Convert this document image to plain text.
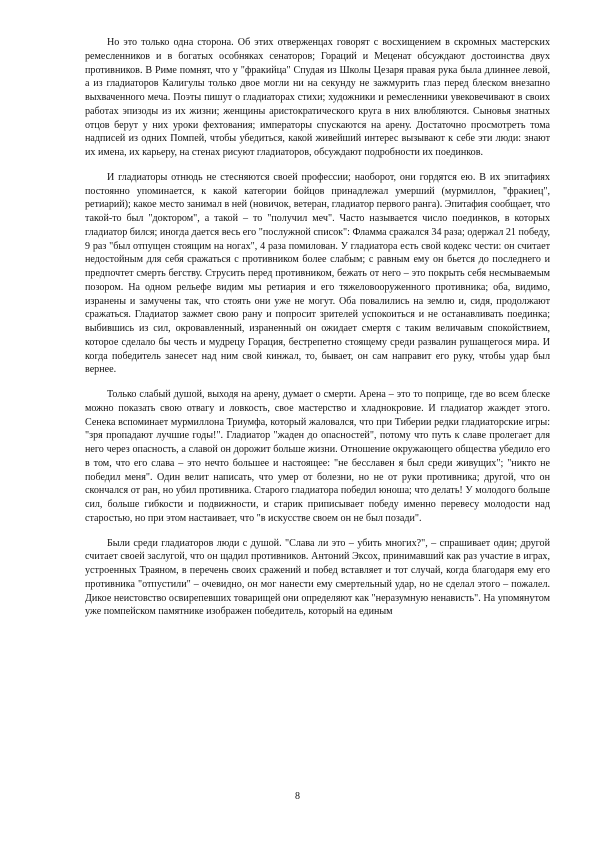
Но это только одна сторона. Об этих отверженцах говорят с восхищением в скромных мастерских ремесленников и в богатых особняках сенаторов; Гораций и Меценат обсуждают достоинства двух противников. В Риме помнят, что у "фракийца" Спудая из Школы Цезаря правая рука была длиннее левой, а из гладиаторов Калигулы только двое могли ни на секунду не зажмурить глаз перед блеском внезапно выхваченного меча. Поэты пишут о гладиаторах стихи; художники и ремесленники увековечивают в своих работах эпизоды из их жизни; женщины аристократического круга в них влюбляются. Сыновья знатных отцов берут у них уроки фехтования; императоры спускаются на арену. Достаточно просмотреть тома надписей из одних Помпей, чтобы убедиться, какой живейший интерес вызывают к себе эти люди: знают их имена, их карьеру, на стенах рисуют гладиаторов, обсуждают подробности их поединков.

И гладиаторы отнюдь не стесняются своей профессии; наоборот, они гордятся ею. В их эпитафиях постоянно упоминается, к какой категории бойцов принадлежал умерший (мурмиллон, "фракиец", ретиарий); какое место занимал в ней (новичок, ветеран, гладиатор первого ранга). Эпитафия сообщает, что такой-то был "доктором", а такой – то "получил меч". Часто называется число поединков, в которых гладиатор бился; иногда дается весь его "послужной список": Фламма сражался 34 раза; одержал 21 победу, 9 раз "был отпущен стоящим на ногах", 4 раза помилован. У гладиатора есть свой кодекс чести: он считает недостойным для себя сражаться с противником более слабым; с равным ему он бьется до последнего и предпочтет смерть бегству. Струсить перед противником, бежать от него – это покрыть себя несмываемым позором. На одном рельефе видим мы ретиария и его тяжеловооруженного противника; оба, видимо, изранены и замучены так, что стоять они уже не могут. Оба повалились на землю и, сидя, продолжают сражаться. Гладиатор зажмет свою рану и попросит зрителей успокоиться и не останавливать поединка; выбившись из сил, окровавленный, израненный он ожидает смертя с таким величавым спокойствием, которое сделало бы честь и мудрецу Горация, бестрепетно стоящему среди развалин рушащегося мира. И когда победитель занесет над ним свой кинжал, то, бывает, он сам направит его руку, чтобы удар был вернее.

Только слабый душой, выходя на арену, думает о смерти. Арена – это то поприще, где во всем блеске можно показать свою отвагу и ловкость, свое мастерство и хладнокровие. И гладиатор жаждет этого. Сенека вспоминает мурмиллона Триумфа, который жаловался, что при Тиберии редки гладиаторские игры: "зря пропадают лучшие годы!". Гладиатор "жаден до опасностей", потому что путь к славе пролегает для него через опасность, а славой он дорожит больше жизни. Отношение окружающего общества убедило его в том, что его слава – это нечто большее и настоящее: "не бесславен я был среди живущих"; "никто не победил меня". Один велит написать, что умер от болезни, но не от руки противника; другой, что он скончался от ран, но убил противника. Старого гладиатора победил юноша; что делать! У молодого больше сил, больше гибкости и подвижности, и старик приписывает победу именно перевесу молодости над старостью, но при этом настаивает, что "в искусстве своем он не был позади".

Были среди гладиаторов люди с душой. "Слава ли это – убить многих?", – спрашивает один; другой считает своей заслугой, что он щадил противников. Антоний Эксох, принимавший как раз участие в играх, устроенных Траяном, в перечень своих сражений и побед вставляет и тот случай, когда благодаря ему его противника "отпустили" – очевидно, он мог нанести ему смертельный удар, но не сделал этого – пожалел. Дикое неистовство освирепевших товарищей они определяют как "неразумную ненависть". На упомянутом уже помпейском памятнике изображен победитель, который на единым

8
